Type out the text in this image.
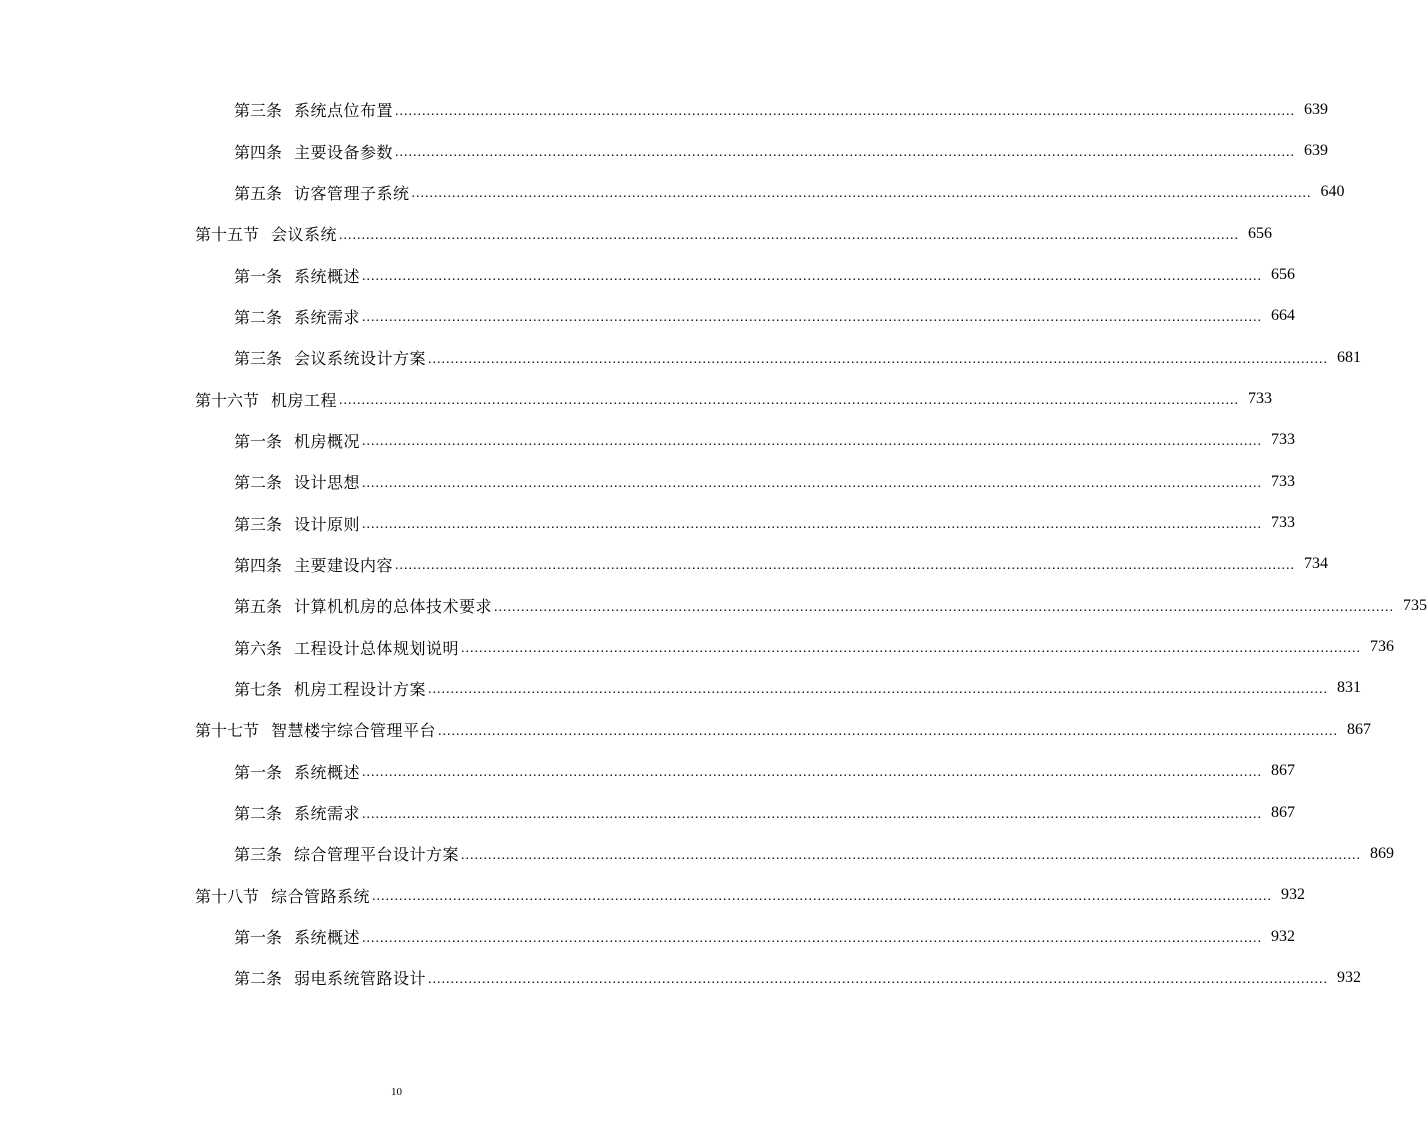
第三条 系统点位布置 ........................................................................................................................................................................................................ 639
第四条 主要设备参数 ........................................................................................................................................................................................................ 639
第五条 访客管理子系统 ........................................................................................................................................................................................................ 640
第十五节 会议系统 ........................................................................................................................................................................................................ 656
第一条 系统概述 ........................................................................................................................................................................................................ 656
第二条 系统需求 ........................................................................................................................................................................................................ 664
第三条 会议系统设计方案 ........................................................................................................................................................................................................ 681
第十六节 机房工程 ........................................................................................................................................................................................................ 733
第一条 机房概况 ........................................................................................................................................................................................................ 733
第二条 设计思想 ........................................................................................................................................................................................................ 733
第三条 设计原则 ........................................................................................................................................................................................................ 733
第四条 主要建设内容 ........................................................................................................................................................................................................ 734
第五条 计算机机房的总体技术要求 ........................................................................................................................................................................................................ 735
第六条 工程设计总体规划说明 ........................................................................................................................................................................................................ 736
第七条 机房工程设计方案 ........................................................................................................................................................................................................ 831
第十七节 智慧楼宇综合管理平台 ........................................................................................................................................................................................................ 867
第一条 系统概述 ........................................................................................................................................................................................................ 867
第二条 系统需求 ........................................................................................................................................................................................................ 867
第三条 综合管理平台设计方案 ........................................................................................................................................................................................................ 869
第十八节 综合管路系统 ........................................................................................................................................................................................................ 932
第一条 系统概述 ........................................................................................................................................................................................................ 932
第二条 弱电系统管路设计 ........................................................................................................................................................................................................ 932
10
